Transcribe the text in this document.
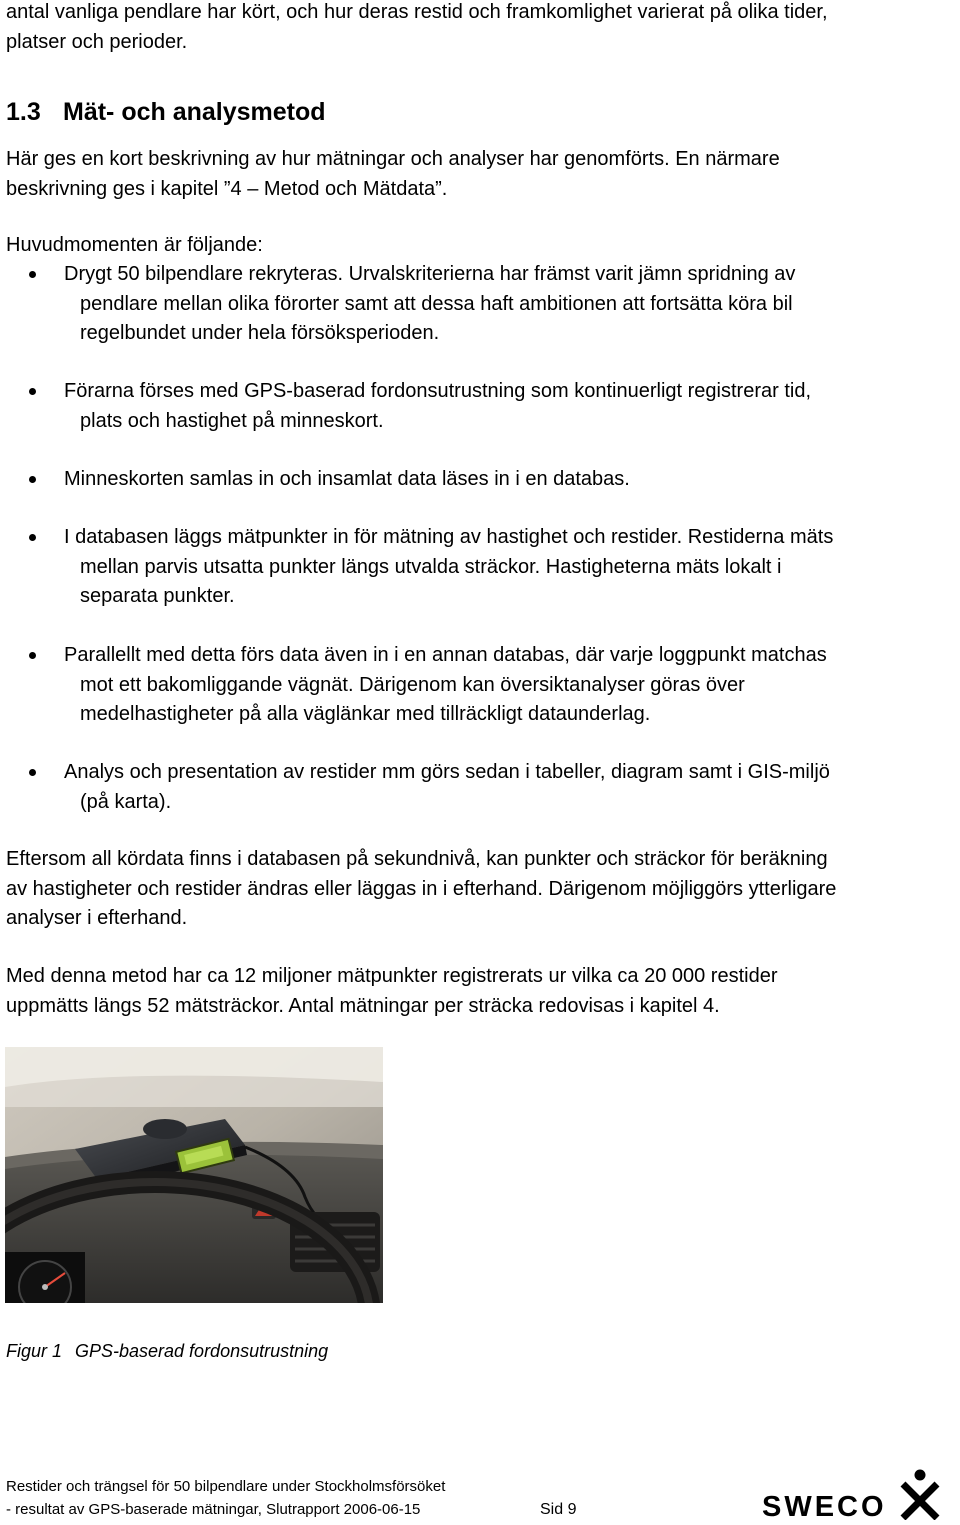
antal vanliga pendlare har kört, och hur deras restid och framkomlighet varierat på olika tider,
platser och perioder.

1.3 Mät- och analysmetod

Här ges en kort beskrivning av hur mätningar och analyser har genomförts. En närmare
beskrivning ges i kapitel ”4 – Metod och Mätdata”.

Huvudmomenten är följande:

Drygt 50 bilpendlare rekryteras. Urvalskriterierna har främst varit jämn spridning av
pendlare mellan olika förorter samt att dessa haft ambitionen att fortsätta köra bil
regelbundet under hela försöksperioden.

Förarna förses med GPS-baserad fordonsutrustning som kontinuerligt registrerar tid,
plats och hastighet på minneskort.

Minneskorten samlas in och insamlat data läses in i en databas.

I databasen läggs mätpunkter in för mätning av hastighet och restider. Restiderna mäts
mellan parvis utsatta punkter längs utvalda sträckor. Hastigheterna mäts lokalt i
separata punkter.

Parallellt med detta förs data även in i en annan databas, där varje loggpunkt matchas
mot ett bakomliggande vägnät. Därigenom kan översiktanalyser göras över
medelhastigheter på alla väglänkar med tillräckligt dataunderlag.

Analys och presentation av restider mm görs sedan i tabeller, diagram samt i GIS-miljö
(på karta).

Eftersom all kördata finns i databasen på sekundnivå, kan punkter och sträckor för beräkning
av hastigheter och restider ändras eller läggas in i efterhand. Därigenom möjliggörs ytterligare
analyser i efterhand.

Med denna metod har ca 12 miljoner mätpunkter registrerats ur vilka ca 20 000 restider
uppmätts längs 52 mätsträckor. Antal mätningar per sträcka redovisas i kapitel 4.

Figur 1 GPS-baserad fordonsutrustning

Restider och trängsel för 50 bilpendlare under Stockholmsförsöket
- resultat av GPS-baserade mätningar, Slutrapport 2006-06-15	Sid 9	SWECO
